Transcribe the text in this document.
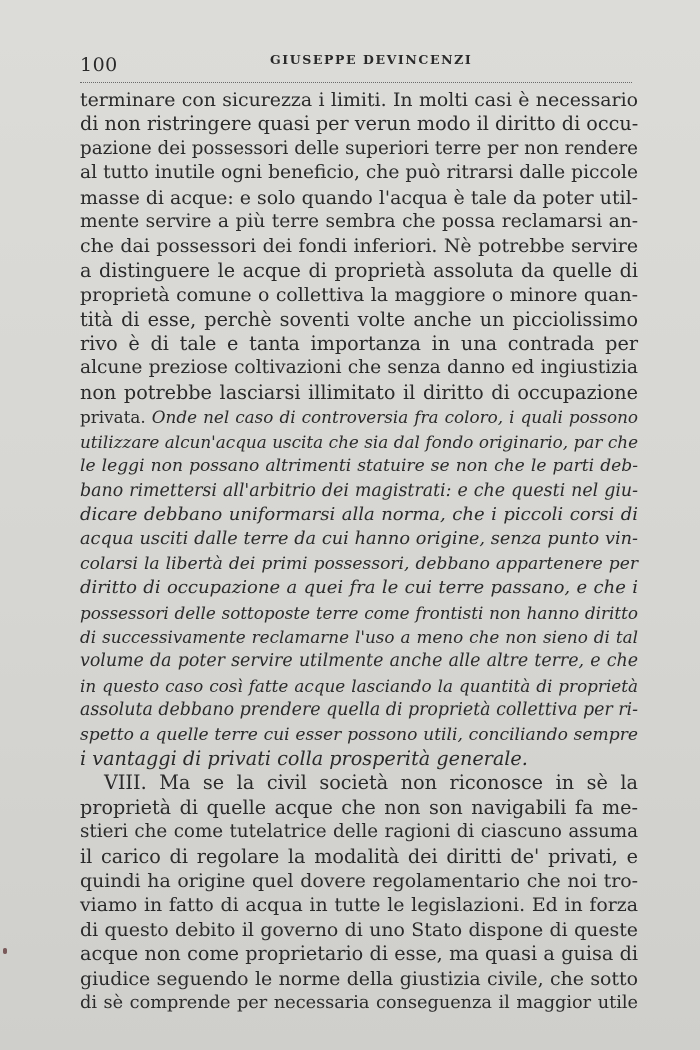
100	GIUSEPPE DEVINCENZI
terminare con sicurezza i limiti. In molti casi è necessario
di non ristringere quasi per verun modo il diritto di occu-
pazione dei possessori delle superiori terre per non rendere
al tutto inutile ogni beneficio, che può ritrarsi dalle piccole
masse di acque: e solo quando l'acqua è tale da poter util-
mente servire a più terre sembra che possa reclamarsi an-
che dai possessori dei fondi inferiori. Nè potrebbe servire
a distinguere le acque di proprietà assoluta da quelle di
proprietà comune o collettiva la maggiore o minore quan-
tità di esse, perchè soventi volte anche un picciolissimo
rivo è di tale e tanta importanza in una contrada per
alcune preziose coltivazioni che senza danno ed ingiustizia
non potrebbe lasciarsi illimitato il diritto di occupazione
privata. Onde nel caso di controversia fra coloro, i quali possono
utilizzare alcun'acqua uscita che sia dal fondo originario, par che
le leggi non possano altrimenti statuire se non che le parti deb-
bano rimettersi all'arbitrio dei magistrati: e che questi nel giu-
dicare debbano uniformarsi alla norma, che i piccoli corsi di
acqua usciti dalle terre da cui hanno origine, senza punto vin-
colarsi la libertà dei primi possessori, debbano appartenere per
diritto di occupazione a quei fra le cui terre passano, e che i
possessori delle sottoposte terre come frontisti non hanno diritto
di successivamente reclamarne l'uso a meno che non sieno di tal
volume da poter servire utilmente anche alle altre terre, e che
in questo caso così fatte acque lasciando la quantità di proprietà
assoluta debbano prendere quella di proprietà collettiva per ri-
spetto a quelle terre cui esser possono utili, conciliando sempre
i vantaggi di privati colla prosperità generale.
VIII. Ma se la civil società non riconosce in sè la
proprietà di quelle acque che non son navigabili fa me-
stieri che come tutelatrice delle ragioni di ciascuno assuma
il carico di regolare la modalità dei diritti de' privati, e
quindi ha origine quel dovere regolamentario che noi tro-
viamo in fatto di acqua in tutte le legislazioni. Ed in forza
di questo debito il governo di uno Stato dispone di queste
acque non come proprietario di esse, ma quasi a guisa di
giudice seguendo le norme della giustizia civile, che sotto
di sè comprende per necessaria conseguenza il maggior utile
